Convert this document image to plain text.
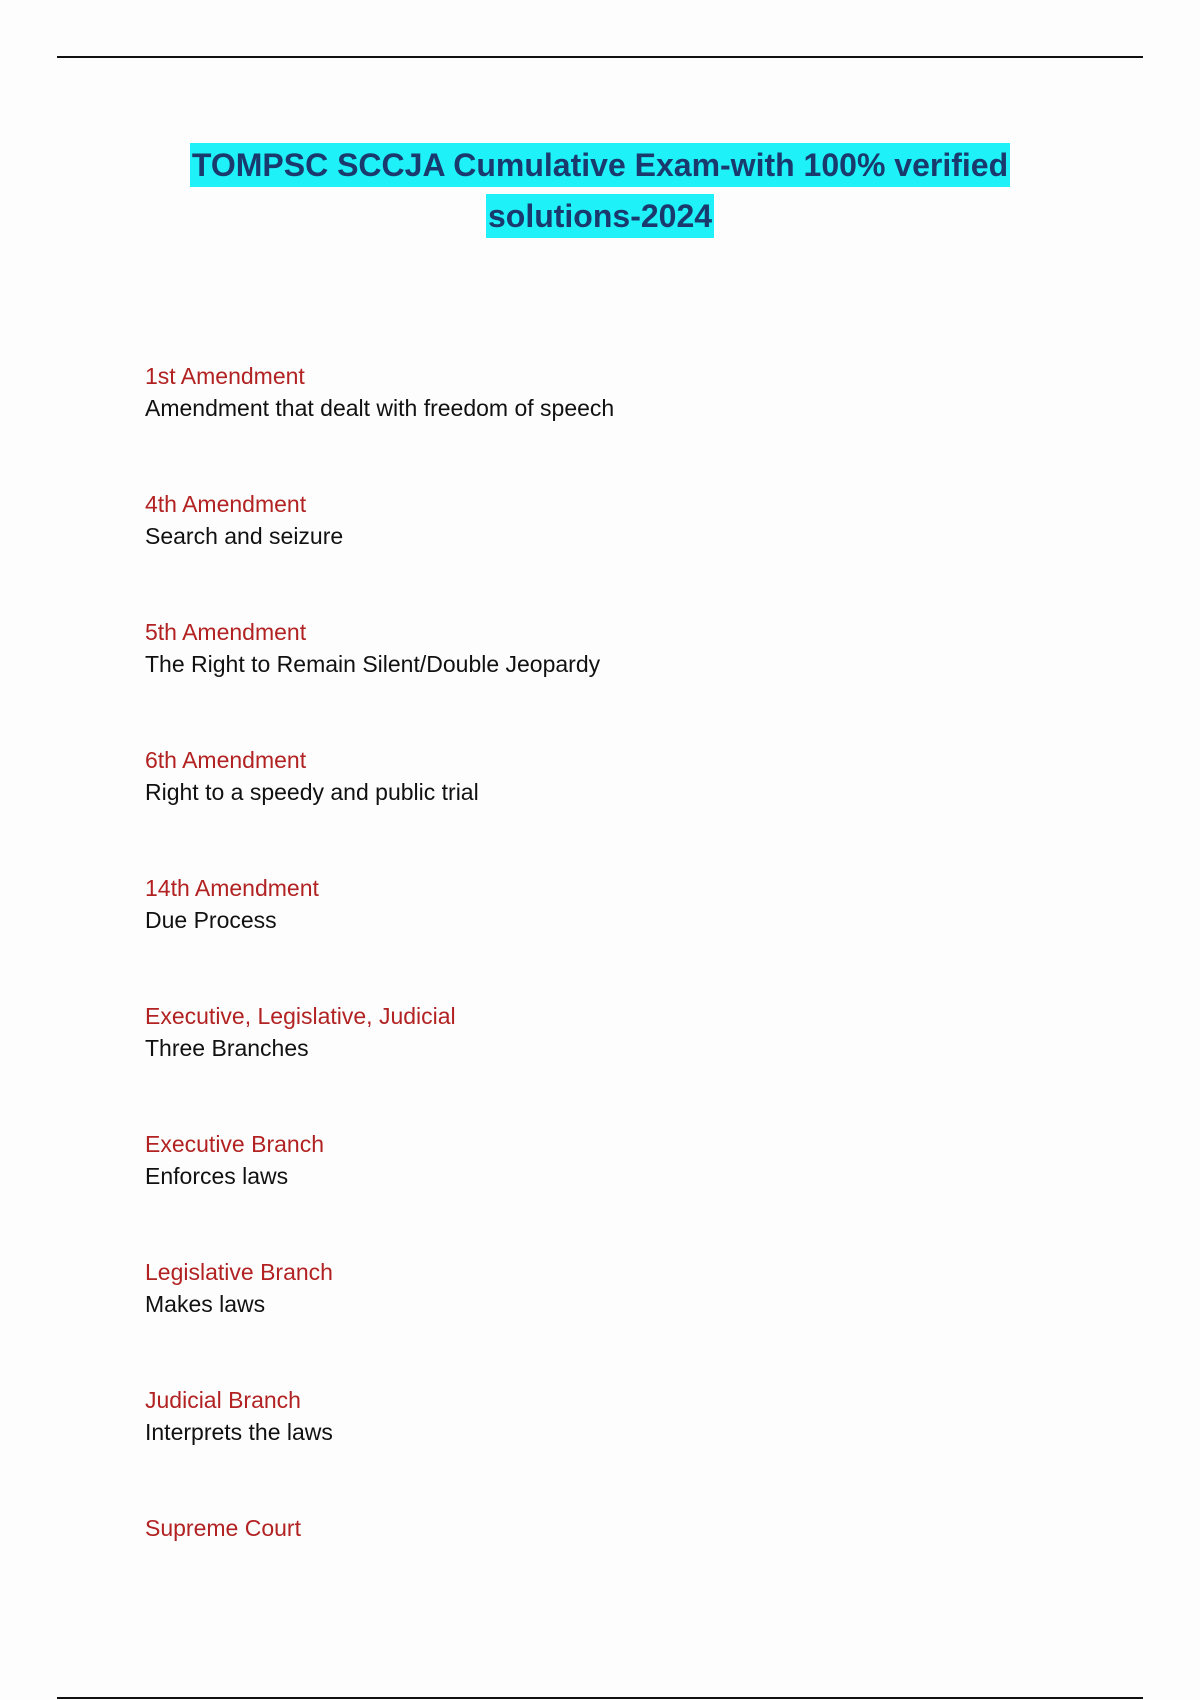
TOMPSC SCCJA Cumulative Exam-with 100% verified
solutions-2024
1st Amendment
Amendment that dealt with freedom of speech
4th Amendment
Search and seizure
5th Amendment
The Right to Remain Silent/Double Jeopardy
6th Amendment
Right to a speedy and public trial
14th Amendment
Due Process
Executive, Legislative, Judicial
Three Branches
Executive Branch
Enforces laws
Legislative Branch
Makes laws
Judicial Branch
Interprets the laws
Supreme Court
